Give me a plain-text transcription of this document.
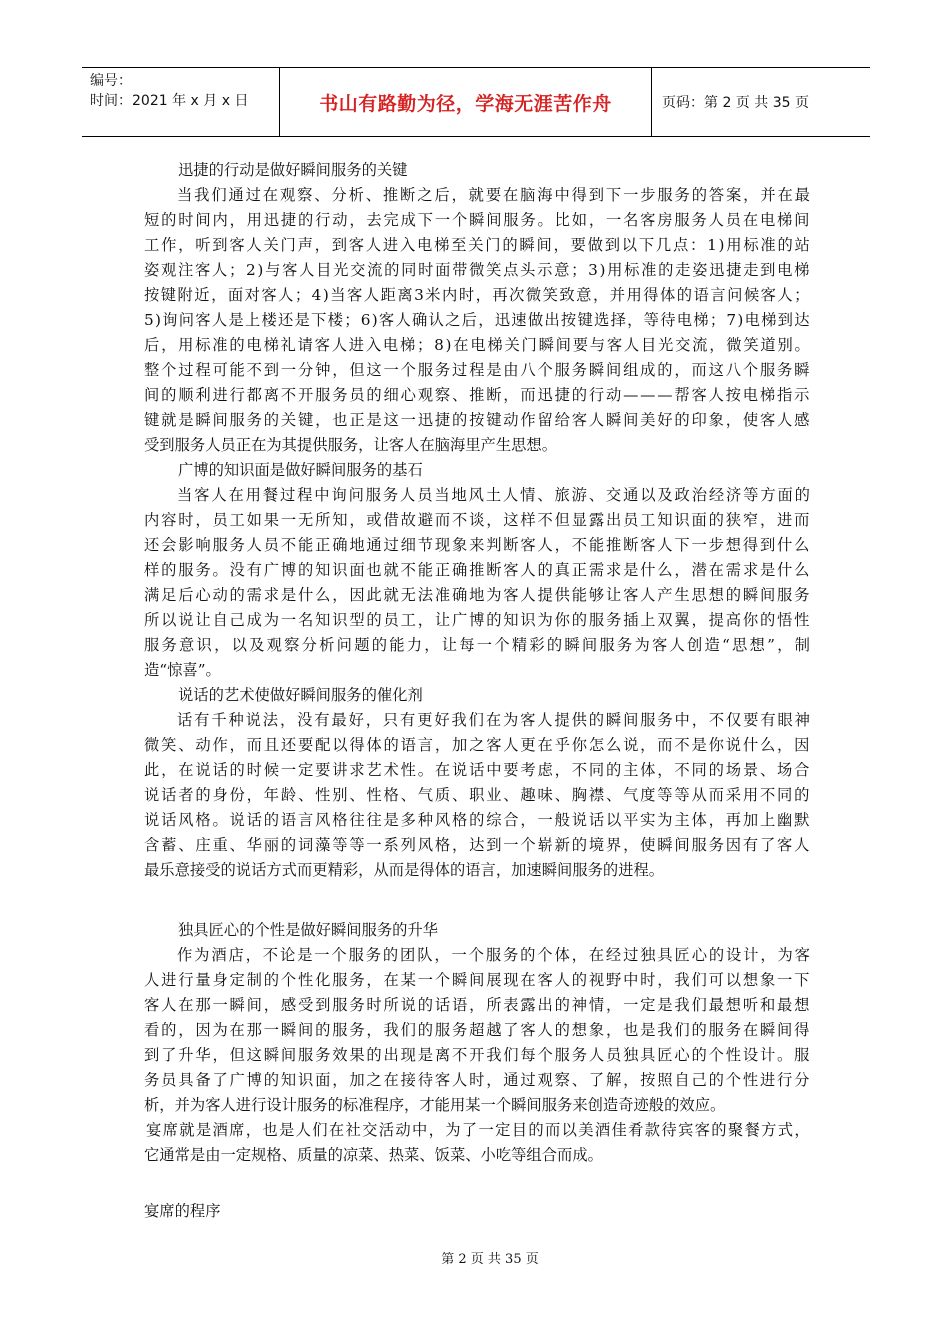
编号：
时间：2021 年 x 月 x 日	书山有路勤为径，学海无涯苦作舟	页码：第 2 页 共 35 页
迅捷的行动是做好瞬间服务的关键
当 我 们 通 过 在 观 察 、 分 析 、 推 断 之 后 ， 就 要 在 脑 海 中 得 到 下 一 步 服 务 的 答 案 ， 并 在 最
短 的 时 间 内 ， 用 迅 捷 的 行 动 ， 去 完 成 下 一 个 瞬 间 服 务 。 比 如 ， 一 名 客 房 服 务 人 员 在 电 梯 间
工 作 ， 听 到 客 人 关 门 声 ， 到 客 人 进 入 电 梯 至 关 门 的 瞬 间 ， 要 做 到 以 下 几 点 ： 1 ) 用 标 准 的 站
姿 观 注 客 人 ； 2 ) 与 客 人 目 光 交 流 的 同 时 面 带 微 笑 点 头 示 意 ； 3 ) 用 标 准 的 走 姿 迅 捷 走 到 电 梯
按 键 附 近 ， 面 对 客 人 ； 4 ) 当 客 人 距 离 3 米 内 时 ， 再 次 微 笑 致 意 ， 并 用 得 体 的 语 言 问 候 客 人 ；
5 ) 询 问 客 人 是 上 楼 还 是 下 楼 ； 6 ) 客 人 确 认 之 后 ， 迅 速 做 出 按 键 选 择 ， 等 待 电 梯 ； 7 ) 电 梯 到 达
后 ， 用 标 准 的 电 梯 礼 请 客 人 进 入 电 梯 ； 8 ) 在 电 梯 关 门 瞬 间 要 与 客 人 目 光 交 流 ， 微 笑 道 别 。
整 个 过 程 可 能 不 到 一 分 钟 ， 但 这 一 个 服 务 过 程 是 由 八 个 服 务 瞬 间 组 成 的 ， 而 这 八 个 服 务 瞬
间 的 顺 利 进 行 都 离 不 开 服 务 员 的 细 心 观 察 、 推 断 ， 而 迅 捷 的 行 动 — — — 帮 客 人 按 电 梯 指 示
键 就 是 瞬 间 服 务 的 关 键 ， 也 正 是 这 一 迅 捷 的 按 键 动 作 留 给 客 人 瞬 间 美 好 的 印 象 ， 使 客 人 感
受到服务人员正在为其提供服务，让客人在脑海里产生思想。
广博的知识面是做好瞬间服务的基石
当 客 人 在 用 餐 过 程 中 询 问 服 务 人 员 当 地 风 土 人 情 、 旅 游 、 交 通 以 及 政 治 经 济 等 方 面 的
内 容 时 ， 员 工 如 果 一 无 所 知 ， 或 借 故 避 而 不 谈 ， 这 样 不 但 显 露 出 员 工 知 识 面 的 狭 窄 ， 进 而
还 会 影 响 服 务 人 员 不 能 正 确 地 通 过 细 节 现 象 来 判 断 客 人 ， 不 能 推 断 客 人 下 一 步 想 得 到 什 么
样 的 服 务 。 没 有 广 博 的 知 识 面 也 就 不 能 正 确 推 断 客 人 的 真 正 需 求 是 什 么 ， 潜 在 需 求 是 什 么
满 足 后 心 动 的 需 求 是 什 么 ， 因 此 就 无 法 准 确 地 为 客 人 提 供 能 够 让 客 人 产 生 思 想 的 瞬 间 服 务
所 以 说 让 自 己 成 为 一 名 知 识 型 的 员 工 ， 让 广 博 的 知 识 为 你 的 服 务 插 上 双 翼 ， 提 高 你 的 悟 性
服 务 意 识 ， 以 及 观 察 分 析 问 题 的 能 力 ， 让 每 一 个 精 彩 的 瞬 间 服 务 为 客 人 创 造 “ 思 想 ” ， 制
造“惊喜”。
说话的艺术使做好瞬间服务的催化剂
话 有 千 种 说 法 ， 没 有 最 好 ， 只 有 更 好 我 们 在 为 客 人 提 供 的 瞬 间 服 务 中 ， 不 仅 要 有 眼 神
微 笑 、 动 作 ， 而 且 还 要 配 以 得 体 的 语 言 ， 加 之 客 人 更 在 乎 你 怎 么 说 ， 而 不 是 你 说 什 么 ， 因
此 ， 在 说 话 的 时 候 一 定 要 讲 求 艺 术 性 。 在 说 话 中 要 考 虑 ， 不 同 的 主 体 ， 不 同 的 场 景 、 场 合
说 话 者 的 身 份 ， 年 龄 、 性 别 、 性 格 、 气 质 、 职 业 、 趣 味 、 胸 襟 、 气 度 等 等 从 而 采 用 不 同 的
说 话 风 格 。 说 话 的 语 言 风 格 往 往 是 多 种 风 格 的 综 合 ， 一 般 说 话 以 平 实 为 主 体 ， 再 加 上 幽 默
含 蓄 、 庄 重 、 华 丽 的 词 藻 等 等 一 系 列 风 格 ， 达 到 一 个 崭 新 的 境 界 ， 使 瞬 间 服 务 因 有 了 客 人
最乐意接受的说话方式而更精彩，从而是得体的语言，加速瞬间服务的进程。
独具匠心的个性是做好瞬间服务的升华
作 为 酒 店 ， 不 论 是 一 个 服 务 的 团 队 ， 一 个 服 务 的 个 体 ， 在 经 过 独 具 匠 心 的 设 计 ， 为 客
人 进 行 量 身 定 制 的 个 性 化 服 务 ， 在 某 一 个 瞬 间 展 现 在 客 人 的 视 野 中 时 ， 我 们 可 以 想 象 一 下
客 人 在 那 一 瞬 间 ， 感 受 到 服 务 时 所 说 的 话 语 ， 所 表 露 出 的 神 情 ， 一 定 是 我 们 最 想 听 和 最 想
看 的 ， 因 为 在 那 一 瞬 间 的 服 务 ， 我 们 的 服 务 超 越 了 客 人 的 想 象 ， 也 是 我 们 的 服 务 在 瞬 间 得
到 了 升 华 ， 但 这 瞬 间 服 务 效 果 的 出 现 是 离 不 开 我 们 每 个 服 务 人 员 独 具 匠 心 的 个 性 设 计 。 服
务 员 具 备 了 广 博 的 知 识 面 ， 加 之 在 接 待 客 人 时 ， 通 过 观 察 、 了 解 ， 按 照 自 己 的 个 性 进 行 分
析，并为客人进行设计服务的标准程序，才能用某一个瞬间服务来创造奇迹般的效应。
宴 席 就 是 酒 席 ， 也 是 人 们 在 社 交 活 动 中 ， 为 了 一 定 目 的 而 以 美 酒 佳 肴 款 待 宾 客 的 聚 餐 方 式 ，
它通常是由一定规格、质量的凉菜、热菜、饭菜、小吃等组合而成。
宴席的程序
第 2 页 共 35 页
